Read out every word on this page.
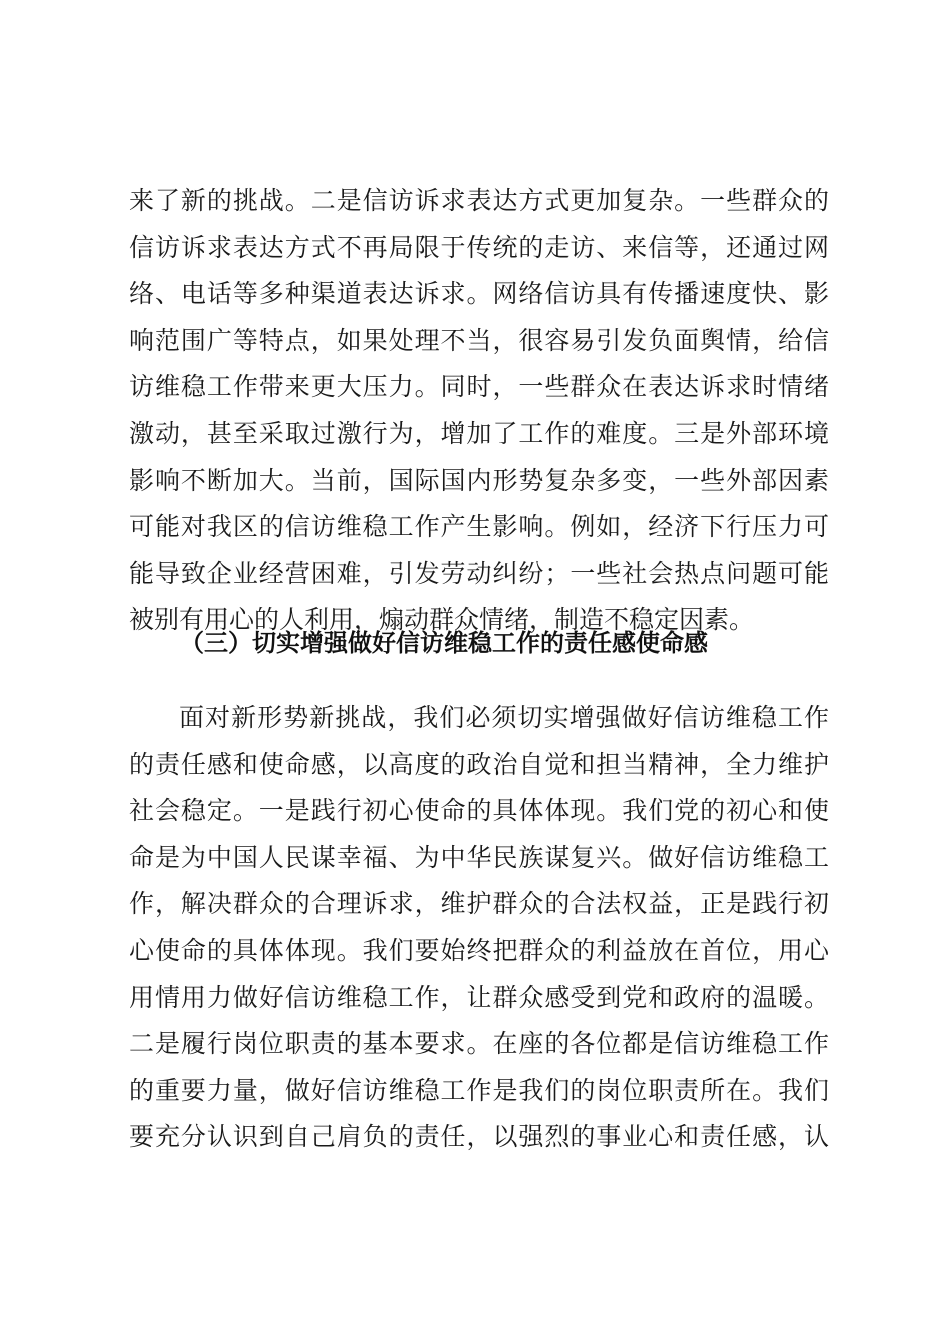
来了新的挑战。二是信访诉求表达方式更加复杂。一些群众的
信访诉求表达方式不再局限于传统的走访、来信等，还通过网
络、电话等多种渠道表达诉求。网络信访具有传播速度快、影
响范围广等特点，如果处理不当，很容易引发负面舆情，给信
访维稳工作带来更大压力。同时，一些群众在表达诉求时情绪
激动，甚至采取过激行为，增加了工作的难度。三是外部环境
影响不断加大。当前，国际国内形势复杂多变，一些外部因素
可能对我区的信访维稳工作产生影响。例如，经济下行压力可
能导致企业经营困难，引发劳动纠纷；一些社会热点问题可能
被别有用心的人利用，煽动群众情绪，制造不稳定因素。
（三）切实增强做好信访维稳工作的责任感使命感
面对新形势新挑战，我们必须切实增强做好信访维稳工作
的责任感和使命感，以高度的政治自觉和担当精神，全力维护
社会稳定。一是践行初心使命的具体体现。我们党的初心和使
命是为中国人民谋幸福、为中华民族谋复兴。做好信访维稳工
作，解决群众的合理诉求，维护群众的合法权益，正是践行初
心使命的具体体现。我们要始终把群众的利益放在首位，用心
用情用力做好信访维稳工作，让群众感受到党和政府的温暖。
二是履行岗位职责的基本要求。在座的各位都是信访维稳工作
的重要力量，做好信访维稳工作是我们的岗位职责所在。我们
要充分认识到自己肩负的责任，以强烈的事业心和责任感，认
